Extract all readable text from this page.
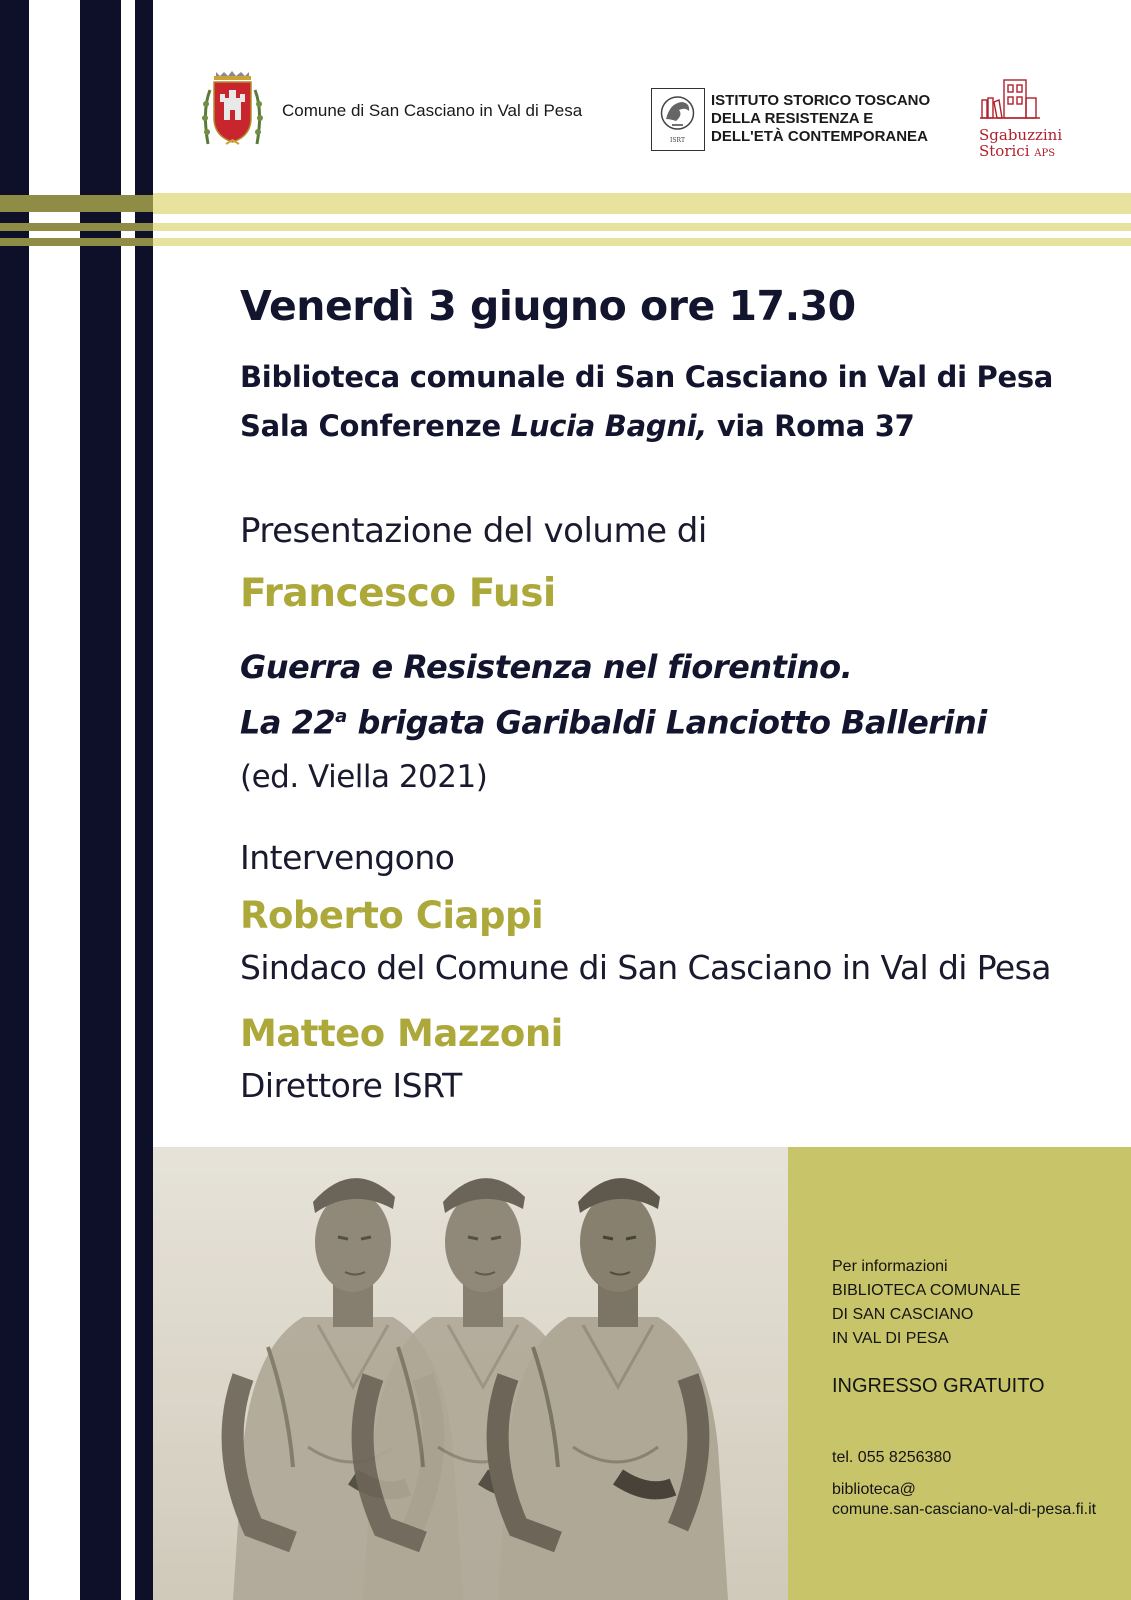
Comune di San Casciano in Val di Pesa
ISRT
ISTITUTO STORICO TOSCANO
DELLA RESISTENZA E
DELL'ETÀ CONTEMPORANEA	Sgabuzzini
Storici APS
Venerdì 3 giugno ore 17.30
Biblioteca comunale di San Casciano in Val di Pesa
Sala Conferenze Lucia Bagni, via Roma 37
Presentazione del volume di
Francesco Fusi
Guerra e Resistenza nel fiorentino.
La 22$^a$ brigata Garibaldi Lanciotto Ballerini
(ed. Viella 2021)
Intervengono
Roberto Ciappi
Sindaco del Comune di San Casciano in Val di Pesa
Matteo Mazzoni
Direttore ISRT
Per informazioni
BIBLIOTECA COMUNALE
DI SAN CASCIANO
IN VAL DI PESA
INGRESSO GRATUITO
tel. 055 8256380
biblioteca@
comune.san-casciano-val-di-pesa.fi.it
